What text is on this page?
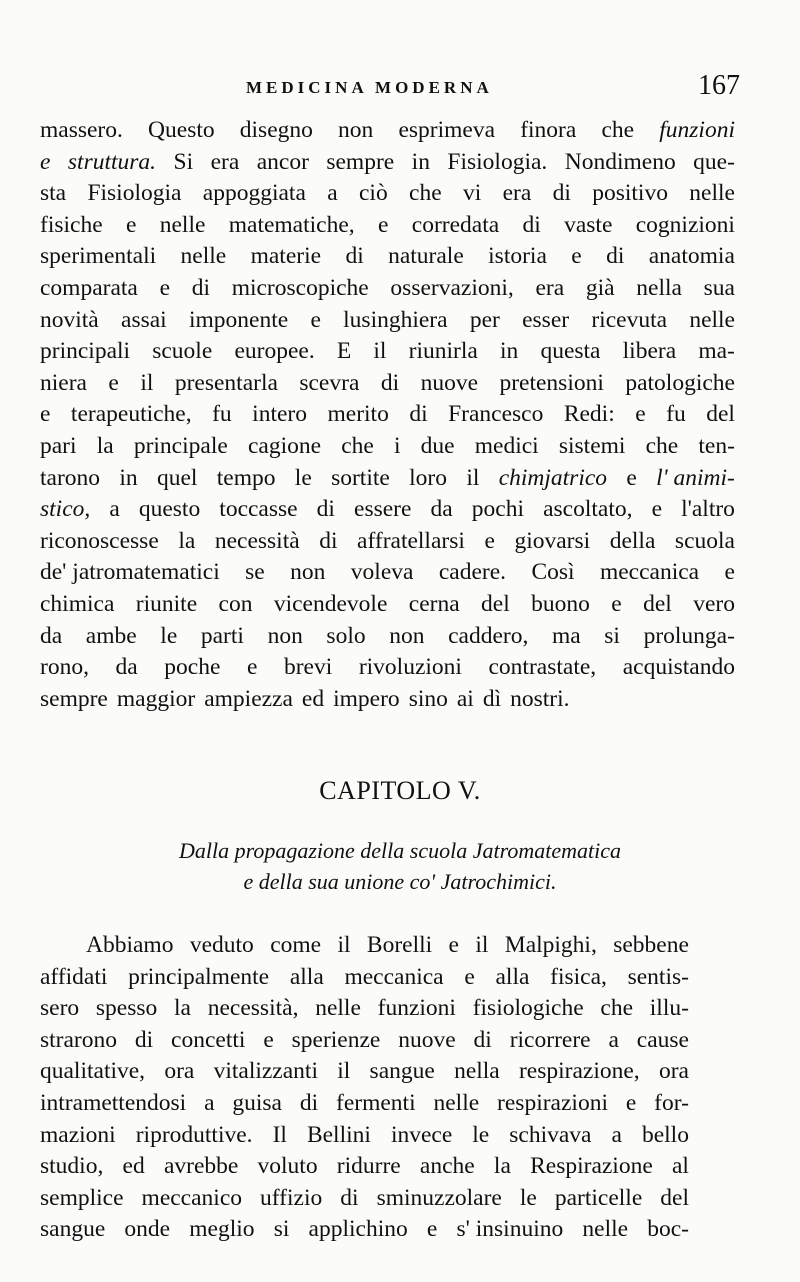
MEDICINA MODERNA	167
massero. Questo disegno non esprimeva finora che funzioni
e struttura. Si era ancor sempre in Fisiologia. Nondimeno que-
sta Fisiologia appoggiata a ciò che vi era di positivo nelle
fisiche e nelle matematiche, e corredata di vaste cognizioni
sperimentali nelle materie di naturale istoria e di anatomia
comparata e di microscopiche osservazioni, era già nella sua
novità assai imponente e lusinghiera per esser ricevuta nelle
principali scuole europee. E il riunirla in questa libera ma-
niera e il presentarla scevra di nuove pretensioni patologiche
e terapeutiche, fu intero merito di Francesco Redi: e fu del
pari la principale cagione che i due medici sistemi che ten-
tarono in quel tempo le sortite loro il chimjatrico e l' animi-
stico, a questo toccasse di essere da pochi ascoltato, e l'altro
riconoscesse la necessità di affratellarsi e giovarsi della scuola
de' jatromatematici se non voleva cadere. Così meccanica e
chimica riunite con vicendevole cerna del buono e del vero
da ambe le parti non solo non caddero, ma si prolunga-
rono, da poche e brevi rivoluzioni contrastate, acquistando
sempre maggior ampiezza ed impero sino ai dì nostri.
CAPITOLO V.
Dalla propagazione della scuola Jatromatematica
e della sua unione co' Jatrochimici.
Abbiamo veduto come il Borelli e il Malpighi, sebbene
affidati principalmente alla meccanica e alla fisica, sentis-
sero spesso la necessità, nelle funzioni fisiologiche che illu-
strarono di concetti e sperienze nuove di ricorrere a cause
qualitative, ora vitalizzanti il sangue nella respirazione, ora
intramettendosi a guisa di fermenti nelle respirazioni e for-
mazioni riproduttive. Il Bellini invece le schivava a bello
studio, ed avrebbe voluto ridurre anche la Respirazione al
semplice meccanico uffizio di sminuzzolare le particelle del
sangue onde meglio si applichino e s' insinuino nelle boc-
